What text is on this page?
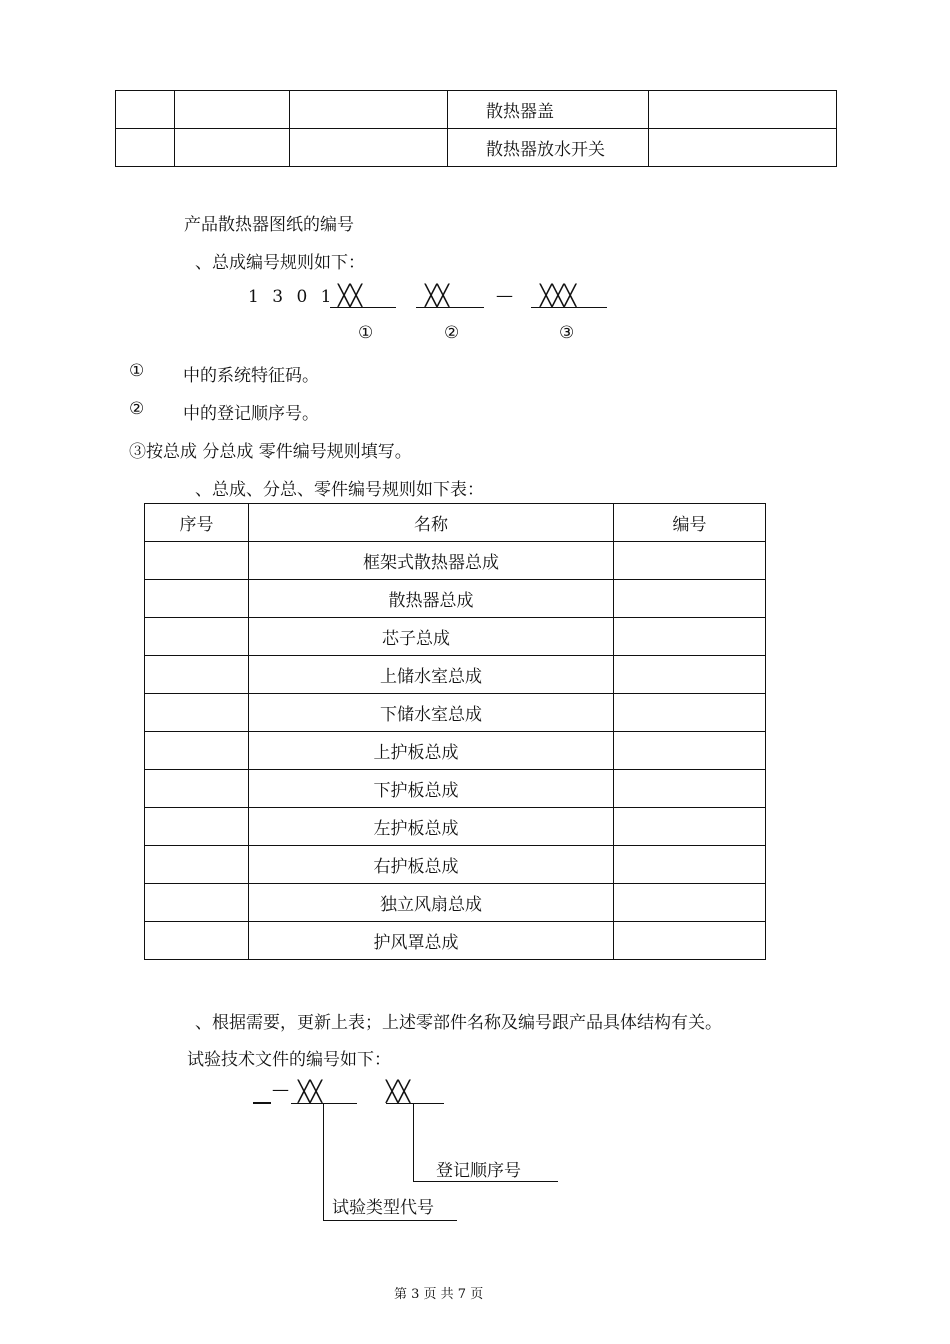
			散热器盖	
			散热器放水开关	
产品散热器图纸的编号
、总成编号规则如下：
1 3 0 1 ╳╳	╳╳	— ╳╳╳
①	②	③
① 中的系统特征码。
② 中的登记顺序号。
③按总成 分总成 零件编号规则填写。
、总成、分总、零件编号规则如下表：
序号	名称	编号
	框架式散热器总成	
	散热器总成	
	芯子总成	
	上储水室总成	
	下储水室总成	
	上护板总成	
	下护板总成	
	左护板总成	
	右护板总成	
	独立风扇总成	
	护风罩总成	
、根据需要，更新上表；上述零部件名称及编号跟产品具体结构有关。
试验技术文件的编号如下：
— ╳╳	╳╳
登记顺序号
试验类型代号
第 3 页 共 7 页
